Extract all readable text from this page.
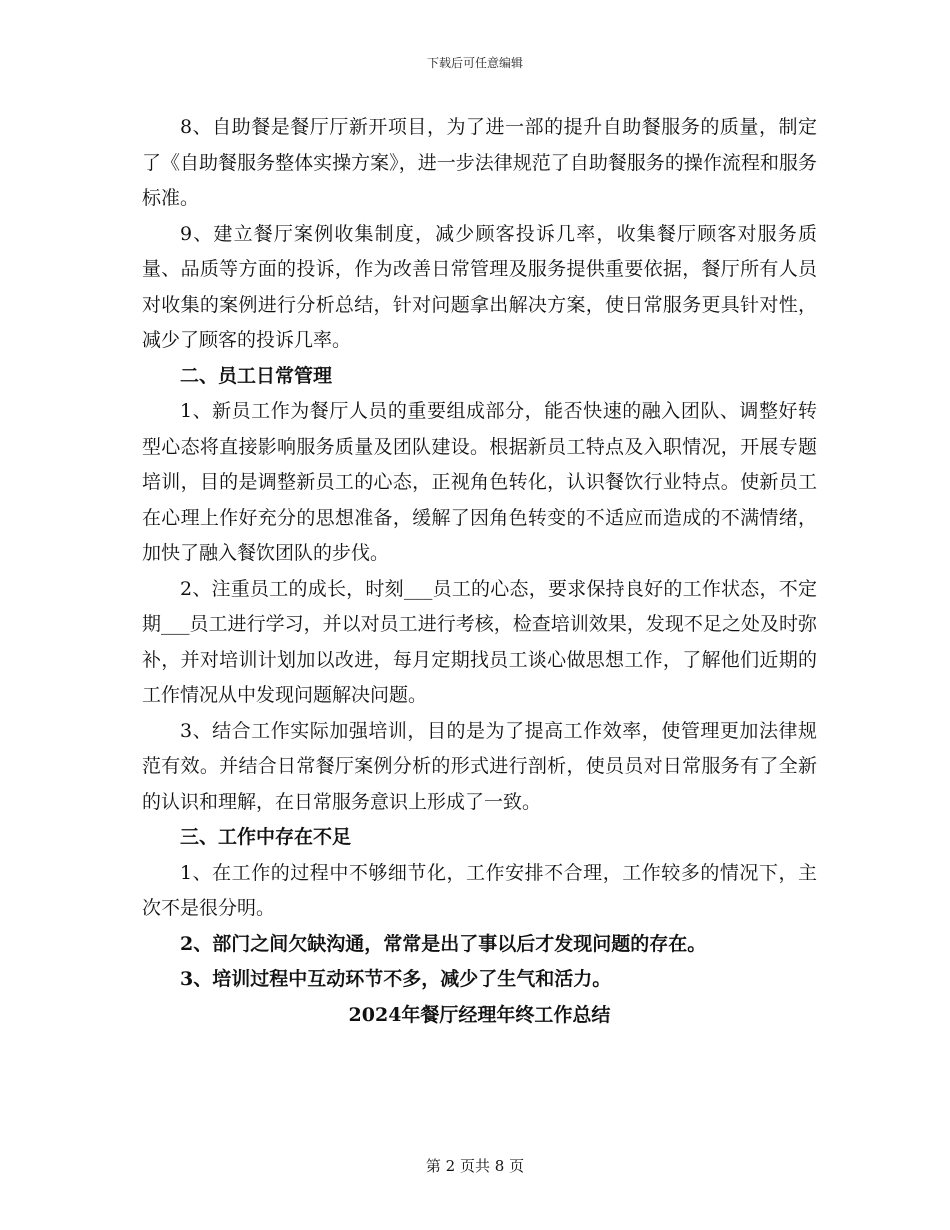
下载后可任意编辑

8、自助餐是餐厅厅新开项目，为了进一部的提升自助餐服务的质量，制定了《自助餐服务整体实操方案》，进一步法律规范了自助餐服务的操作流程和服务标准。

9、建立餐厅案例收集制度，减少顾客投诉几率，收集餐厅顾客对服务质量、品质等方面的投诉，作为改善日常管理及服务提供重要依据，餐厅所有人员对收集的案例进行分析总结，针对问题拿出解决方案，使日常服务更具针对性，减少了顾客的投诉几率。

二、员工日常管理

1、新员工作为餐厅人员的重要组成部分，能否快速的融入团队、调整好转型心态将直接影响服务质量及团队建设。根据新员工特点及入职情况，开展专题培训，目的是调整新员工的心态，正视角色转化，认识餐饮行业特点。使新员工在心理上作好充分的思想准备，缓解了因角色转变的不适应而造成的不满情绪，加快了融入餐饮团队的步伐。

2、注重员工的成长，时刻___员工的心态，要求保持良好的工作状态，不定期___员工进行学习，并以对员工进行考核，检查培训效果，发现不足之处及时弥补，并对培训计划加以改进，每月定期找员工谈心做思想工作，了解他们近期的工作情况从中发现问题解决问题。

3、结合工作实际加强培训，目的是为了提高工作效率，使管理更加法律规范有效。并结合日常餐厅案例分析的形式进行剖析，使员员对日常服务有了全新的认识和理解，在日常服务意识上形成了一致。

三、工作中存在不足

1、在工作的过程中不够细节化，工作安排不合理，工作较多的情况下，主次不是很分明。

2、部门之间欠缺沟通，常常是出了事以后才发现问题的存在。

3、培训过程中互动环节不多，减少了生气和活力。

2024年餐厅经理年终工作总结

第 2 页共 8 页
